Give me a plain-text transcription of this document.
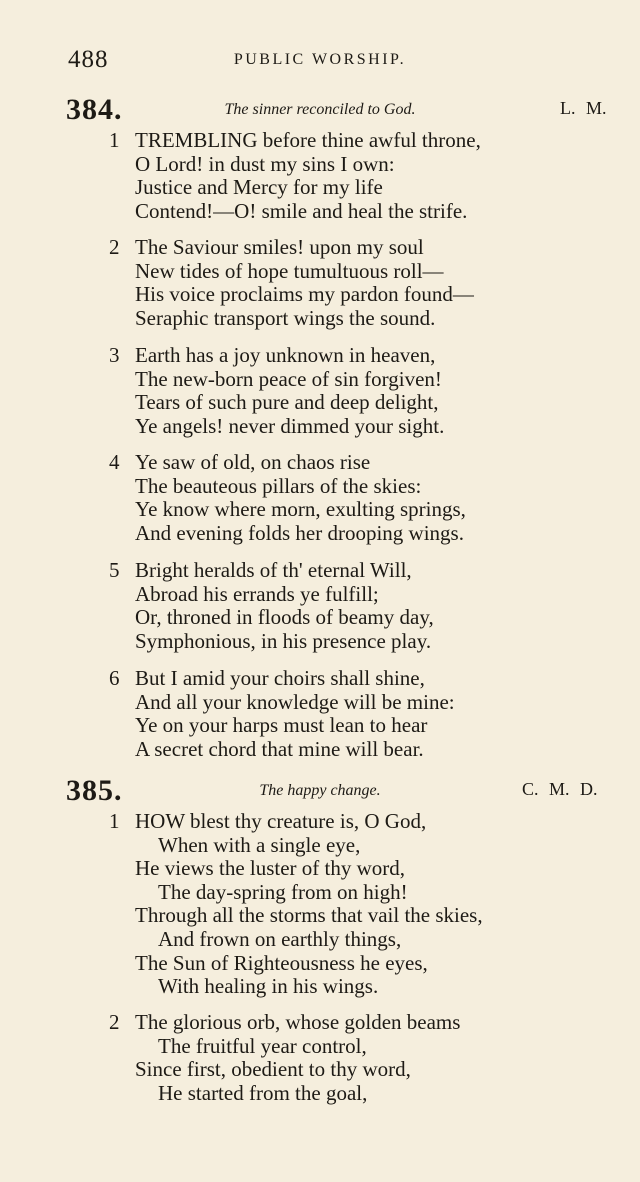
488	PUBLIC WORSHIP.
384.	The sinner reconciled to God.	L. M.
1 TREMBLING before thine awful throne,
O Lord! in dust my sins I own:
Justice and Mercy for my life
Contend!—O! smile and heal the strife.
2 The Saviour smiles! upon my soul
New tides of hope tumultuous roll—
His voice proclaims my pardon found—
Seraphic transport wings the sound.
3 Earth has a joy unknown in heaven,
The new-born peace of sin forgiven!
Tears of such pure and deep delight,
Ye angels! never dimmed your sight.
4 Ye saw of old, on chaos rise
The beauteous pillars of the skies:
Ye know where morn, exulting springs,
And evening folds her drooping wings.
5 Bright heralds of th' eternal Will,
Abroad his errands ye fulfill;
Or, throned in floods of beamy day,
Symphonious, in his presence play.
6 But I amid your choirs shall shine,
And all your knowledge will be mine:
Ye on your harps must lean to hear
A secret chord that mine will bear.
385.	The happy change.	C. M. D.
1 HOW blest thy creature is, O God,
When with a single eye,
He views the luster of thy word,
The day-spring from on high!
Through all the storms that vail the skies,
And frown on earthly things,
The Sun of Righteousness he eyes,
With healing in his wings.
2 The glorious orb, whose golden beams
The fruitful year control,
Since first, obedient to thy word,
He started from the goal,
